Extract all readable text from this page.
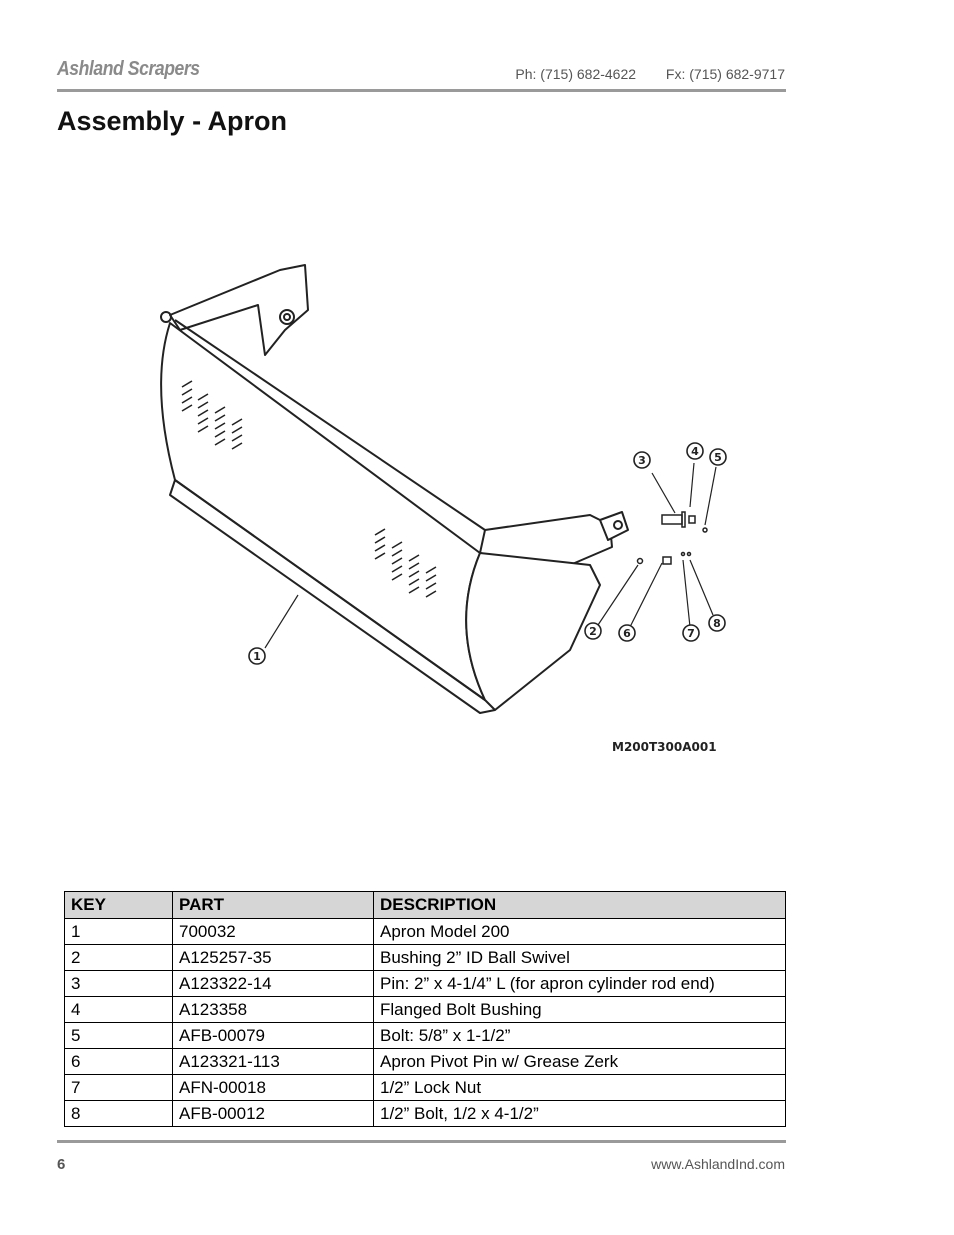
Ashland Scrapers	Ph: (715) 682-4622 Fx: (715) 682-9717
Assembly - Apron
1
2
3
4 5
6	7
8
M200T300A001
KEY	PART	DESCRIPTION
1	700032	Apron Model 200
2	A125257-35	Bushing 2” ID Ball Swivel
3	A123322-14	Pin: 2” x 4-1/4” L (for apron cylinder rod end)
4	A123358	Flanged Bolt Bushing
5	AFB-00079	Bolt: 5/8” x 1-1/2”
6	A123321-113	Apron Pivot Pin w/ Grease Zerk
7	AFN-00018	1/2” Lock Nut
8	AFB-00012	1/2” Bolt, 1/2 x 4-1/2”
6	www.AshlandInd.com
